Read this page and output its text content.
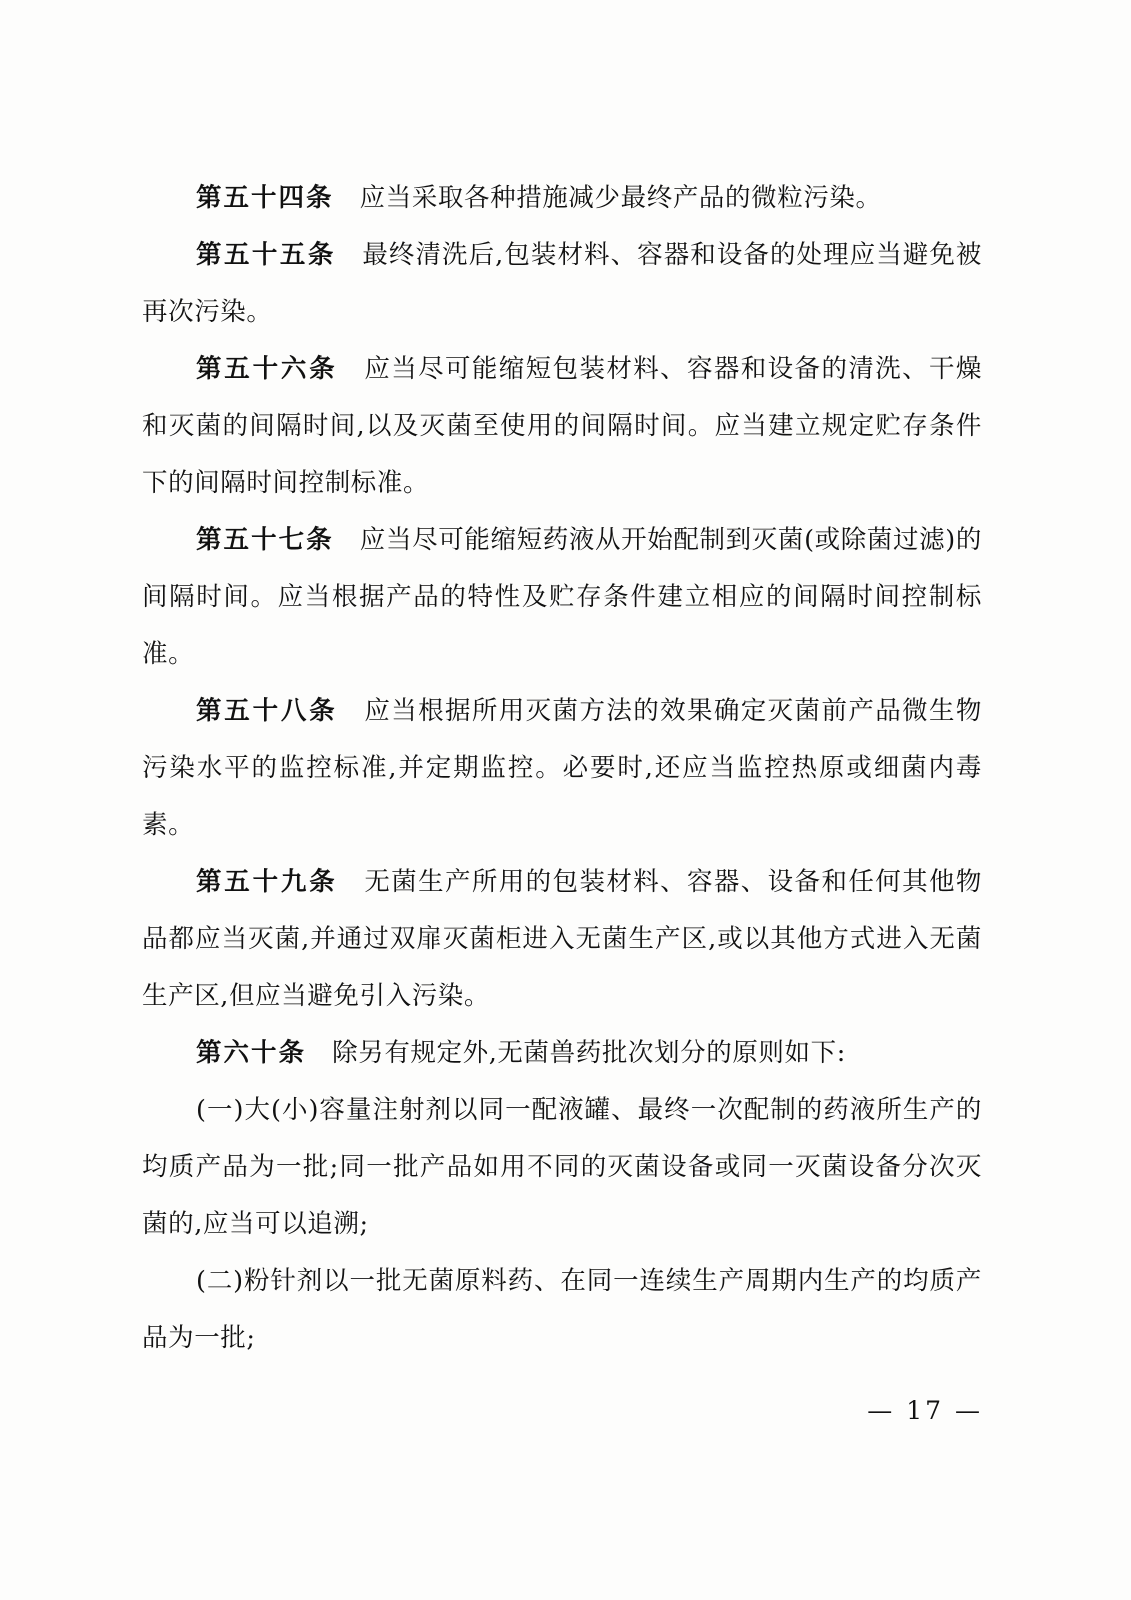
第五十四条　应当采取各种措施减少最终产品的微粒污染。

第五十五条　最终清洗后,包装材料、容器和设备的处理应当避免被再次污染。

第五十六条　应当尽可能缩短包装材料、容器和设备的清洗、干燥和灭菌的间隔时间,以及灭菌至使用的间隔时间。应当建立规定贮存条件下的间隔时间控制标准。

第五十七条　应当尽可能缩短药液从开始配制到灭菌(或除菌过滤)的间隔时间。应当根据产品的特性及贮存条件建立相应的间隔时间控制标准。

第五十八条　应当根据所用灭菌方法的效果确定灭菌前产品微生物污染水平的监控标准,并定期监控。必要时,还应当监控热原或细菌内毒素。

第五十九条　无菌生产所用的包装材料、容器、设备和任何其他物品都应当灭菌,并通过双扉灭菌柜进入无菌生产区,或以其他方式进入无菌生产区,但应当避免引入污染。

第六十条　除另有规定外,无菌兽药批次划分的原则如下:

(一)大(小)容量注射剂以同一配液罐、最终一次配制的药液所生产的均质产品为一批;同一批产品如用不同的灭菌设备或同一灭菌设备分次灭菌的,应当可以追溯;

(二)粉针剂以一批无菌原料药、在同一连续生产周期内生产的均质产品为一批;

— 17 —
